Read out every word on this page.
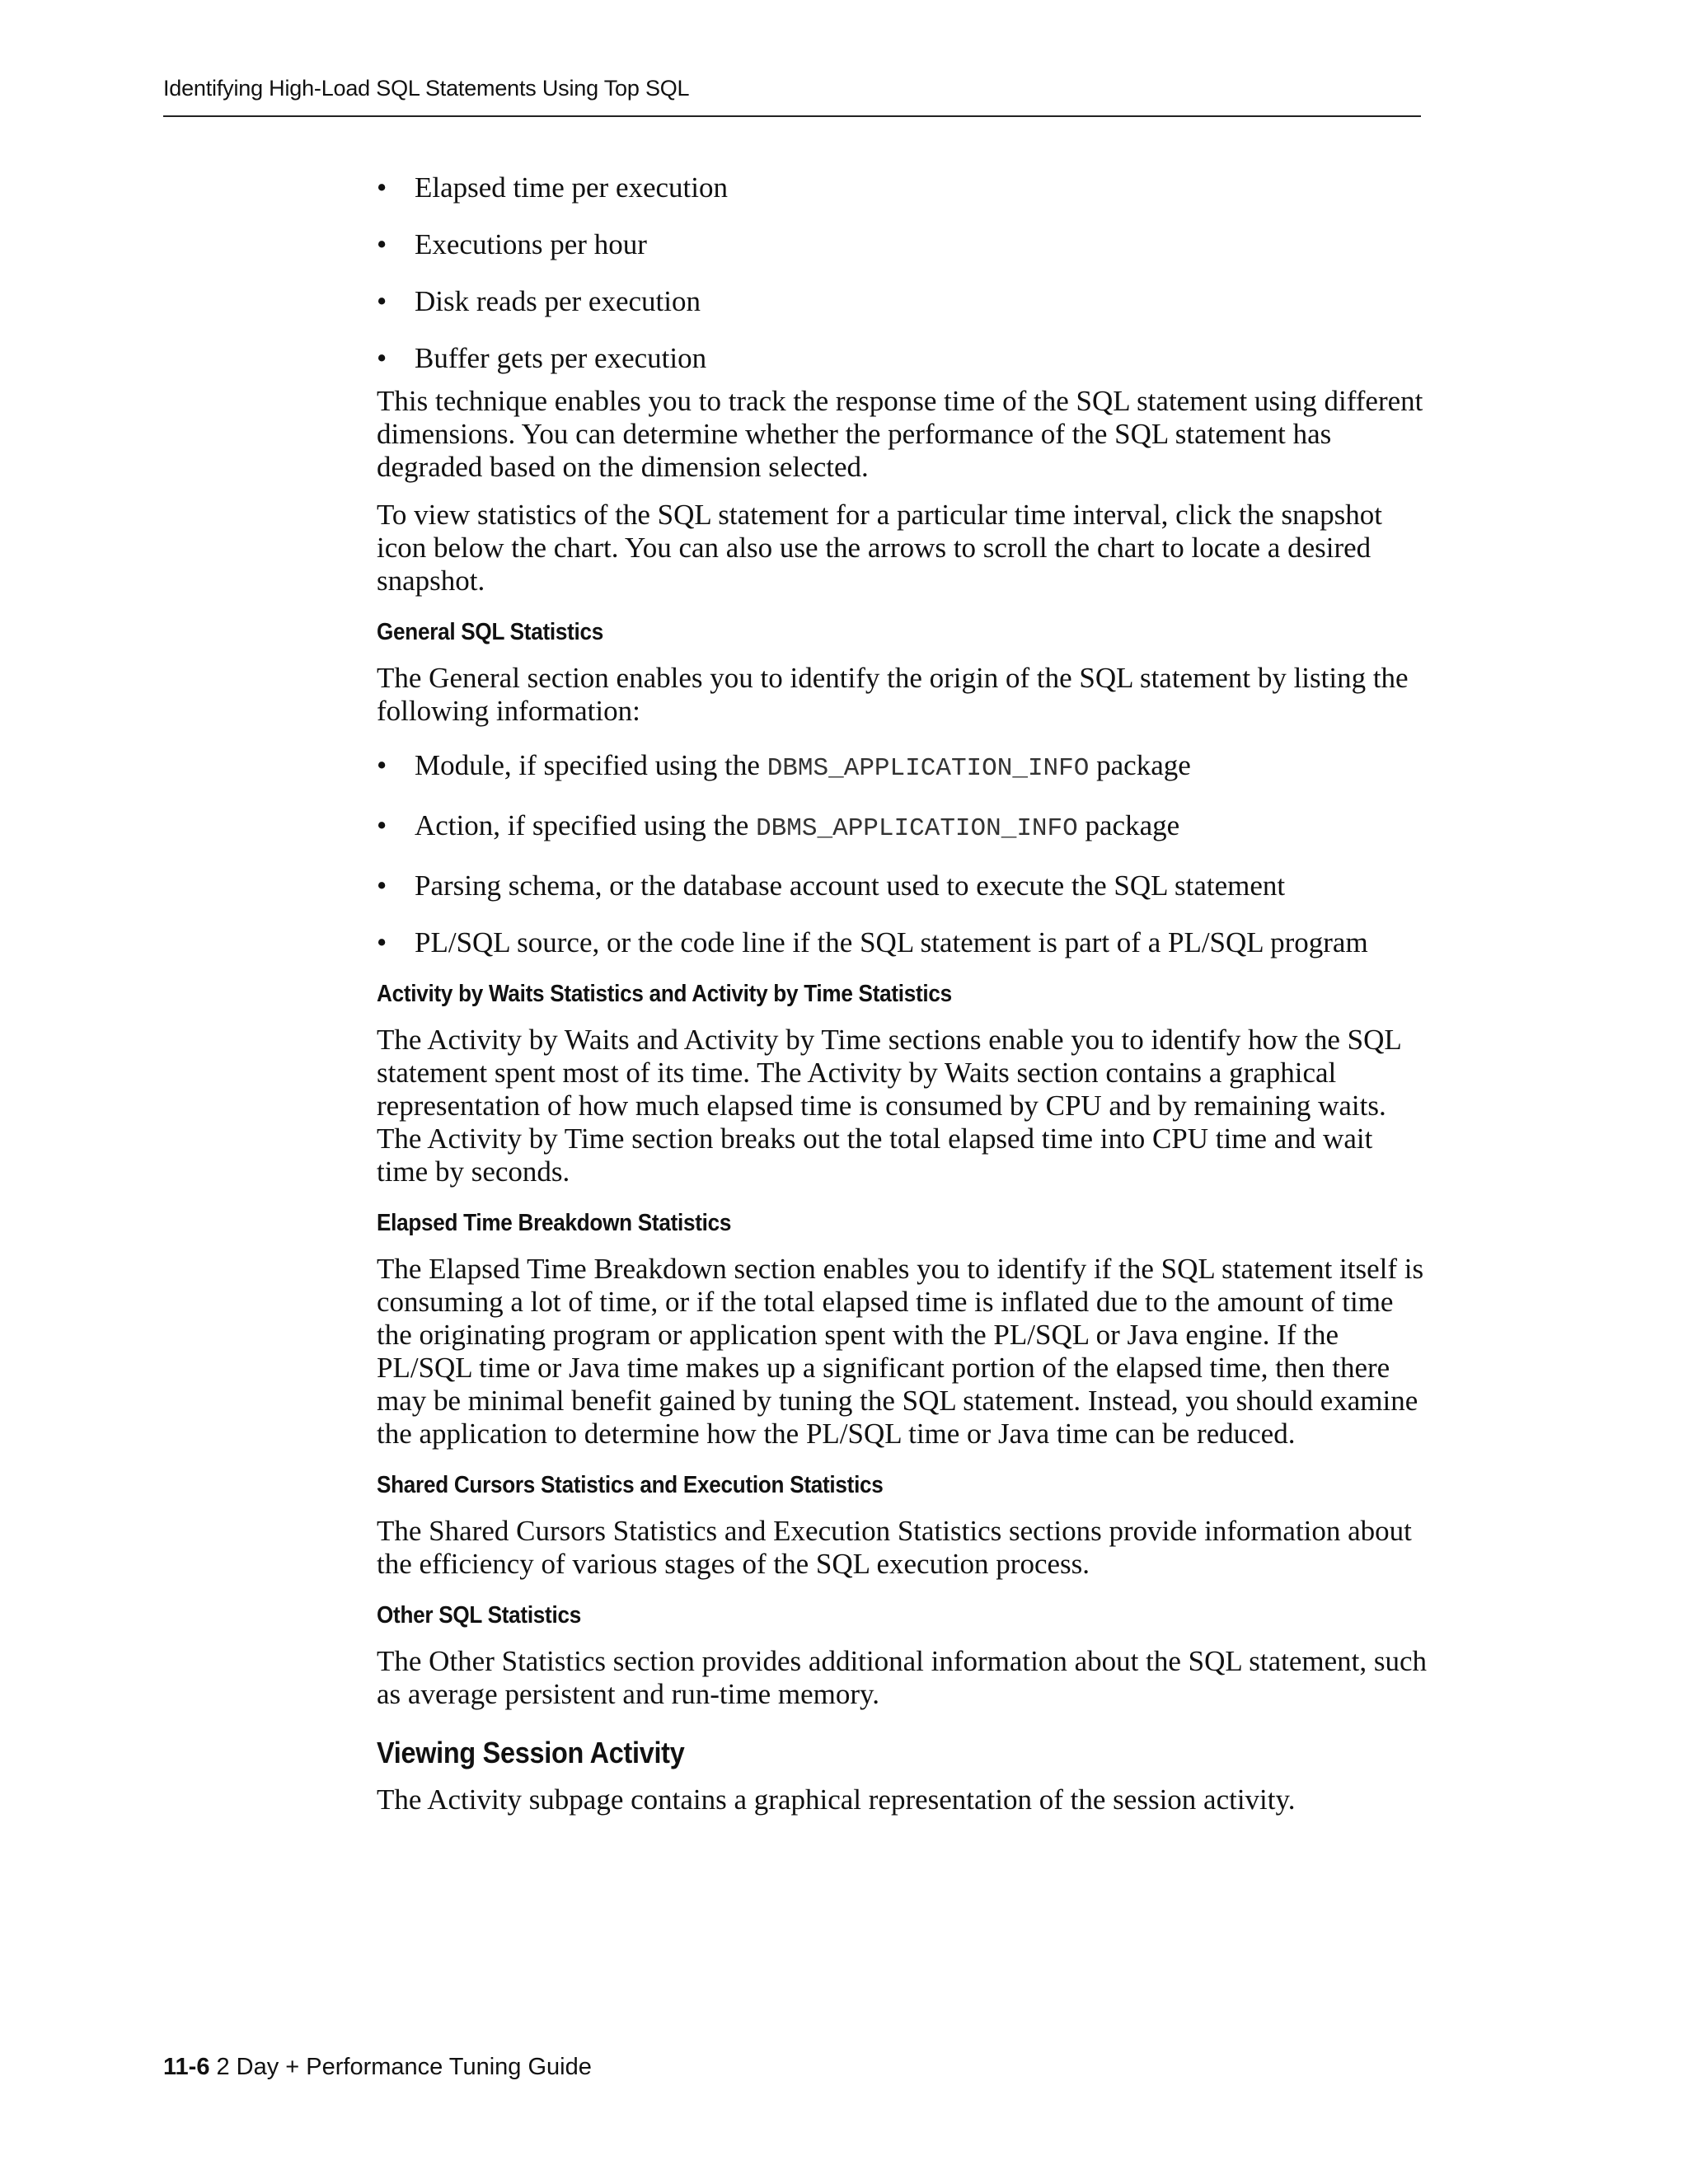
Identifying High-Load SQL Statements Using Top SQL
• Elapsed time per execution
• Executions per hour
• Disk reads per execution
• Buffer gets per execution

This technique enables you to track the response time of the SQL statement using different dimensions. You can determine whether the performance of the SQL statement has degraded based on the dimension selected.

To view statistics of the SQL statement for a particular time interval, click the snapshot icon below the chart. You can also use the arrows to scroll the chart to locate a desired snapshot.

General SQL Statistics

The General section enables you to identify the origin of the SQL statement by listing the following information:

• Module, if specified using the DBMS_APPLICATION_INFO package
• Action, if specified using the DBMS_APPLICATION_INFO package
• Parsing schema, or the database account used to execute the SQL statement
• PL/SQL source, or the code line if the SQL statement is part of a PL/SQL program
Activity by Waits Statistics and Activity by Time Statistics

The Activity by Waits and Activity by Time sections enable you to identify how the SQL statement spent most of its time. The Activity by Waits section contains a graphical representation of how much elapsed time is consumed by CPU and by remaining waits. The Activity by Time section breaks out the total elapsed time into CPU time and wait time by seconds.

Elapsed Time Breakdown Statistics

The Elapsed Time Breakdown section enables you to identify if the SQL statement itself is consuming a lot of time, or if the total elapsed time is inflated due to the amount of time the originating program or application spent with the PL/SQL or Java engine. If the PL/SQL time or Java time makes up a significant portion of the elapsed time, then there may be minimal benefit gained by tuning the SQL statement. Instead, you should examine the application to determine how the PL/SQL time or Java time can be reduced.

Shared Cursors Statistics and Execution Statistics

The Shared Cursors Statistics and Execution Statistics sections provide information about the efficiency of various stages of the SQL execution process.

Other SQL Statistics

The Other Statistics section provides additional information about the SQL statement, such as average persistent and run-time memory.

Viewing Session Activity

The Activity subpage contains a graphical representation of the session activity.

11-6 2 Day + Performance Tuning Guide
